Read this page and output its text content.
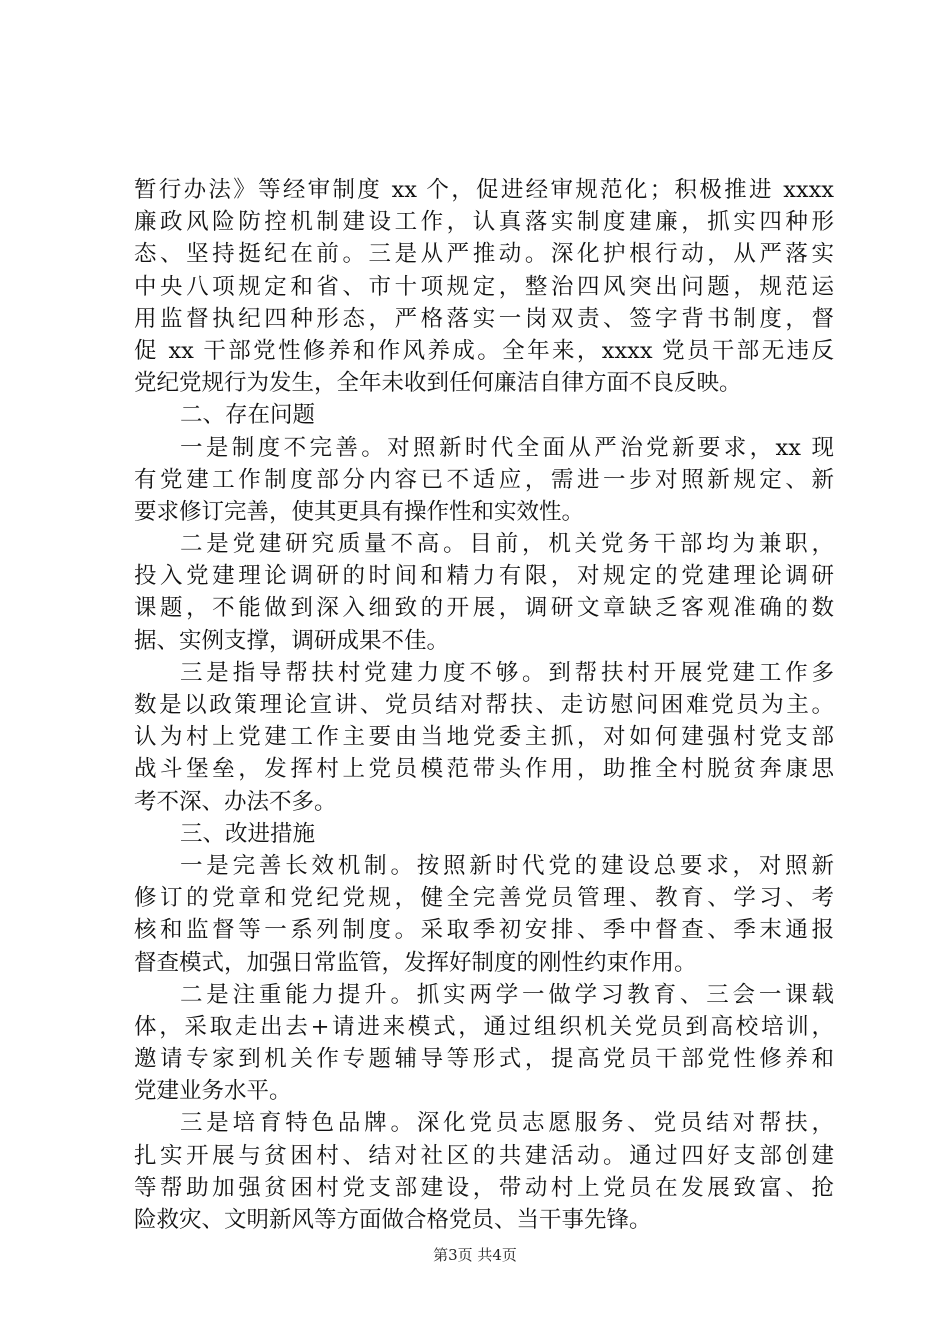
暂行办法》等经审制度 xx 个，促进经审规范化；积极推进 xxxx
廉政风险防控机制建设工作，认真落实制度建廉，抓实四种形
态、坚持挺纪在前。三是从严推动。深化护根行动，从严落实
中央八项规定和省、市十项规定，整治四风突出问题，规范运
用监督执纪四种形态，严格落实一岗双责、签字背书制度，督
促 xx 干部党性修养和作风养成。全年来，xxxx 党员干部无违反
党纪党规行为发生，全年未收到任何廉洁自律方面不良反映。
二、存在问题
一是制度不完善。对照新时代全面从严治党新要求，xx 现
有党建工作制度部分内容已不适应，需进一步对照新规定、新
要求修订完善，使其更具有操作性和实效性。
二是党建研究质量不高。目前，机关党务干部均为兼职，
投入党建理论调研的时间和精力有限，对规定的党建理论调研
课题，不能做到深入细致的开展，调研文章缺乏客观准确的数
据、实例支撑，调研成果不佳。
三是指导帮扶村党建力度不够。到帮扶村开展党建工作多
数是以政策理论宣讲、党员结对帮扶、走访慰问困难党员为主。
认为村上党建工作主要由当地党委主抓，对如何建强村党支部
战斗堡垒，发挥村上党员模范带头作用，助推全村脱贫奔康思
考不深、办法不多。
三、改进措施
一是完善长效机制。按照新时代党的建设总要求，对照新
修订的党章和党纪党规，健全完善党员管理、教育、学习、考
核和监督等一系列制度。采取季初安排、季中督查、季末通报
督查模式，加强日常监管，发挥好制度的刚性约束作用。
二是注重能力提升。抓实两学一做学习教育、三会一课载
体，采取走出去+请进来模式，通过组织机关党员到高校培训，
邀请专家到机关作专题辅导等形式，提高党员干部党性修养和
党建业务水平。
三是培育特色品牌。深化党员志愿服务、党员结对帮扶，
扎实开展与贫困村、结对社区的共建活动。通过四好支部创建
等帮助加强贫困村党支部建设，带动村上党员在发展致富、抢
险救灾、文明新风等方面做合格党员、当干事先锋。
第3页 共4页
